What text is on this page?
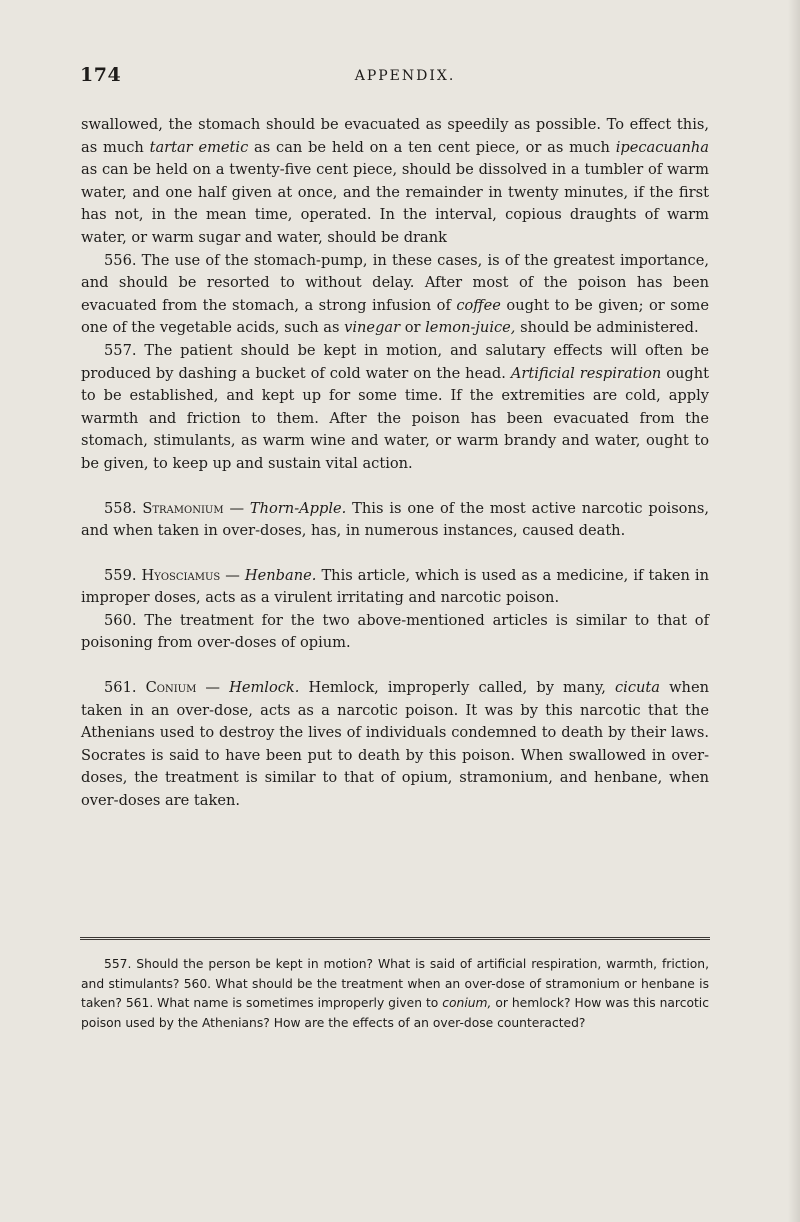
174	APPENDIX.

swallowed, the stomach should be evacuated as speedily as possible. To effect this, as much tartar emetic as can be held on a ten cent piece, or as much ipecacuanha as can be held on a twenty-five cent piece, should be dissolved in a tumbler of warm water, and one half given at once, and the remainder in twenty minutes, if the first has not, in the mean time, operated. In the interval, copious draughts of warm water, or warm sugar and water, should be drank

556. The use of the stomach-pump, in these cases, is of the greatest importance, and should be resorted to without delay. After most of the poison has been evacuated from the stomach, a strong infusion of coffee ought to be given; or some one of the vegetable acids, such as vinegar or lemon-juice, should be administered.

557. The patient should be kept in motion, and salutary effects will often be produced by dashing a bucket of cold water on the head. Artificial respiration ought to be established, and kept up for some time. If the extremities are cold, apply warmth and friction to them. After the poison has been evacuated from the stomach, stimulants, as warm wine and water, or warm brandy and water, ought to be given, to keep up and sustain vital action.

558. Stramonium — Thorn-Apple. This is one of the most active narcotic poisons, and when taken in over-doses, has, in numerous instances, caused death.

559. Hyosciamus — Henbane. This article, which is used as a medicine, if taken in improper doses, acts as a virulent irritating and narcotic poison.

560. The treatment for the two above-mentioned articles is similar to that of poisoning from over-doses of opium.

561. Conium — Hemlock. Hemlock, improperly called, by many, cicuta when taken in an over-dose, acts as a narcotic poison. It was by this narcotic that the Athenians used to destroy the lives of individuals condemned to death by their laws. Socrates is said to have been put to death by this poison. When swallowed in over-doses, the treatment is similar to that of opium, stramonium, and henbane, when over-doses are taken.

557. Should the person be kept in motion? What is said of artificial respiration, warmth, friction, and stimulants? 560. What should be the treatment when an over-dose of stramonium or henbane is taken? 561. What name is sometimes improperly given to conium, or hemlock? How was this narcotic poison used by the Athenians? How are the effects of an over-dose counteracted?
